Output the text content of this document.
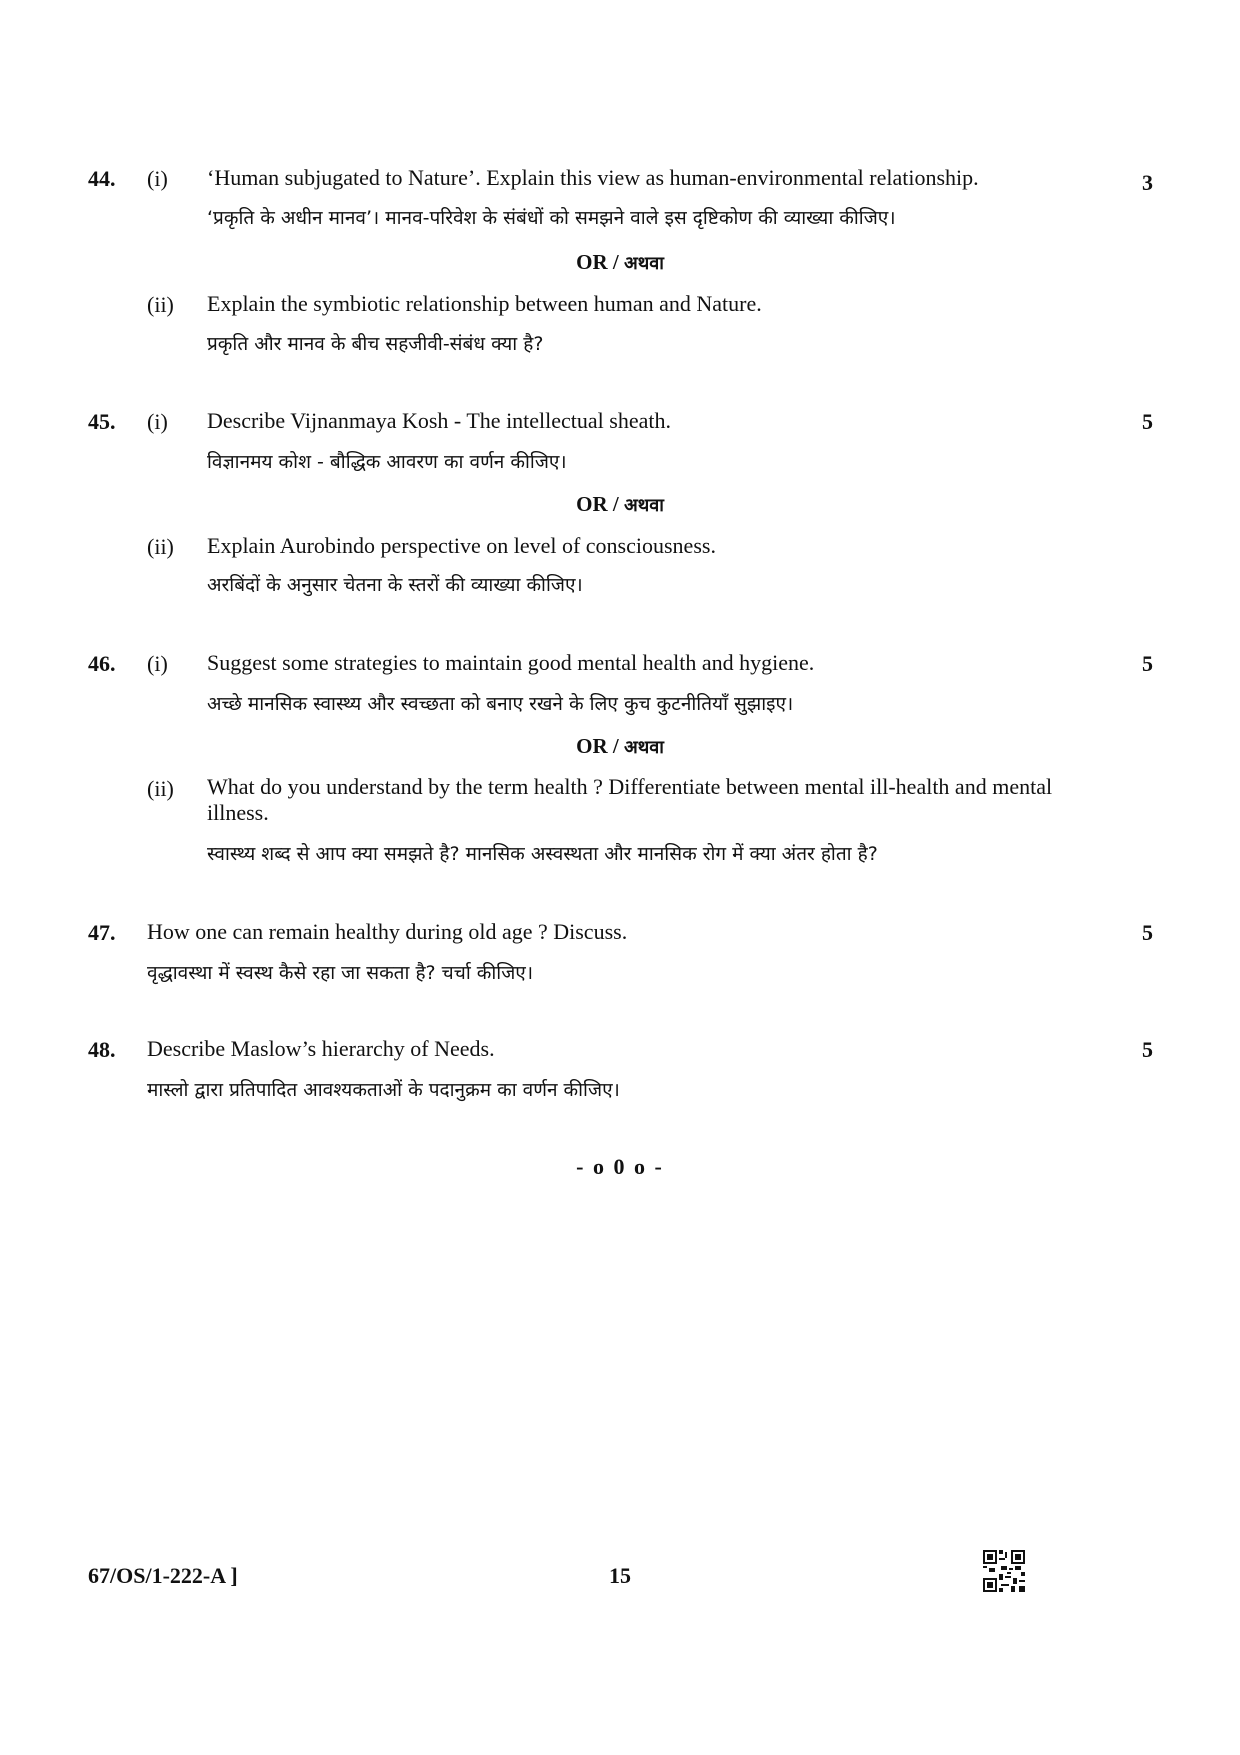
44. (i) ‘Human subjugated to Nature’. Explain this view as human-environmental relationship.	3
‘प्रकृति के अधीन मानव’। मानव-परिवेश के संबंधों को समझने वाले इस दृष्टिकोण की व्याख्या कीजिए।
OR / अथवा
(ii) Explain the symbiotic relationship between human and Nature.
प्रकृति और मानव के बीच सहजीवी-संबंध क्या है?
45. (i) Describe Vijnanmaya Kosh - The intellectual sheath.	5
विज्ञानमय कोश - बौद्धिक आवरण का वर्णन कीजिए।
OR / अथवा
(ii) Explain Aurobindo perspective on level of consciousness.
अरबिंदों के अनुसार चेतना के स्तरों की व्याख्या कीजिए।
46. (i) Suggest some strategies to maintain good mental health and hygiene.	5
अच्छे मानसिक स्वास्थ्य और स्वच्छता को बनाए रखने के लिए कुच कुटनीतियाँ सुझाइए।
OR / अथवा
(ii) What do you understand by the term health ? Differentiate between mental ill-health and mental illness.
स्वास्थ्य शब्द से आप क्या समझते है? मानसिक अस्वस्थता और मानसिक रोग में क्या अंतर होता है?
47. How one can remain healthy during old age ? Discuss.	5
वृद्धावस्था में स्वस्थ कैसे रहा जा सकता है? चर्चा कीजिए।
48. Describe Maslow’s hierarchy of Needs.	5
मास्लो द्वारा प्रतिपादित आवश्यकताओं के पदानुक्रम का वर्णन कीजिए।
- o 0 o -
67/OS/1-222-A ]	15
